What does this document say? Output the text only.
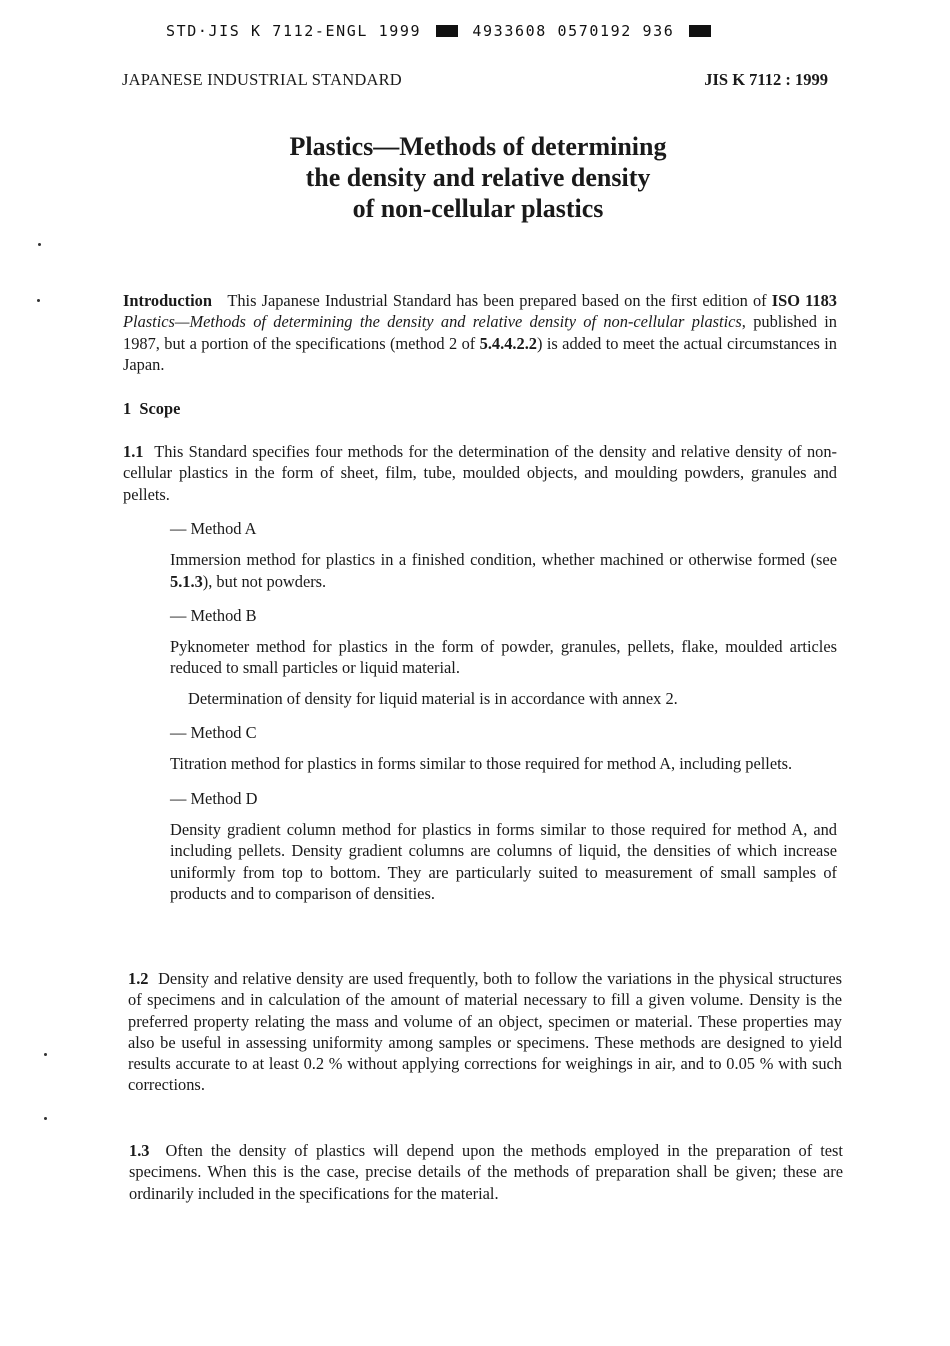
STD·JIS K 7112-ENGL 1999	4933608 0570192 936
JAPANESE INDUSTRIAL STANDARD	JIS K 7112 : 1999
Plastics—Methods of determining
the density and relative density
of non-cellular plastics

Introduction This Japanese Industrial Standard has been prepared based on the first edition of ISO 1183 Plastics—Methods of determining the density and relative density of non-cellular plastics, published in 1987, but a portion of the specifications (method 2 of 5.4.4.2.2) is added to meet the actual circumstances in Japan.

1 Scope

1.1 This Standard specifies four methods for the determination of the density and relative density of non-cellular plastics in the form of sheet, film, tube, moulded objects, and moulding powders, granules and pellets.

— Method A

Immersion method for plastics in a finished condition, whether machined or otherwise formed (see 5.1.3), but not powders.

— Method B

Pyknometer method for plastics in the form of powder, granules, pellets, flake, moulded articles reduced to small particles or liquid material.

Determination of density for liquid material is in accordance with annex 2.

— Method C

Titration method for plastics in forms similar to those required for method A, including pellets.

— Method D

Density gradient column method for plastics in forms similar to those required for method A, and including pellets. Density gradient columns are columns of liquid, the densities of which increase uniformly from top to bottom. They are particularly suited to measurement of small samples of products and to comparison of densities.

1.2 Density and relative density are used frequently, both to follow the variations in the physical structures of specimens and in calculation of the amount of material necessary to fill a given volume. Density is the preferred property relating the mass and volume of an object, specimen or material. These properties may also be useful in assessing uniformity among samples or specimens. These methods are designed to yield results accurate to at least 0.2 % without applying corrections for weighings in air, and to 0.05 % with such corrections.

1.3 Often the density of plastics will depend upon the methods employed in the preparation of test specimens. When this is the case, precise details of the methods of preparation shall be given; these are ordinarily included in the specifications for the material.
